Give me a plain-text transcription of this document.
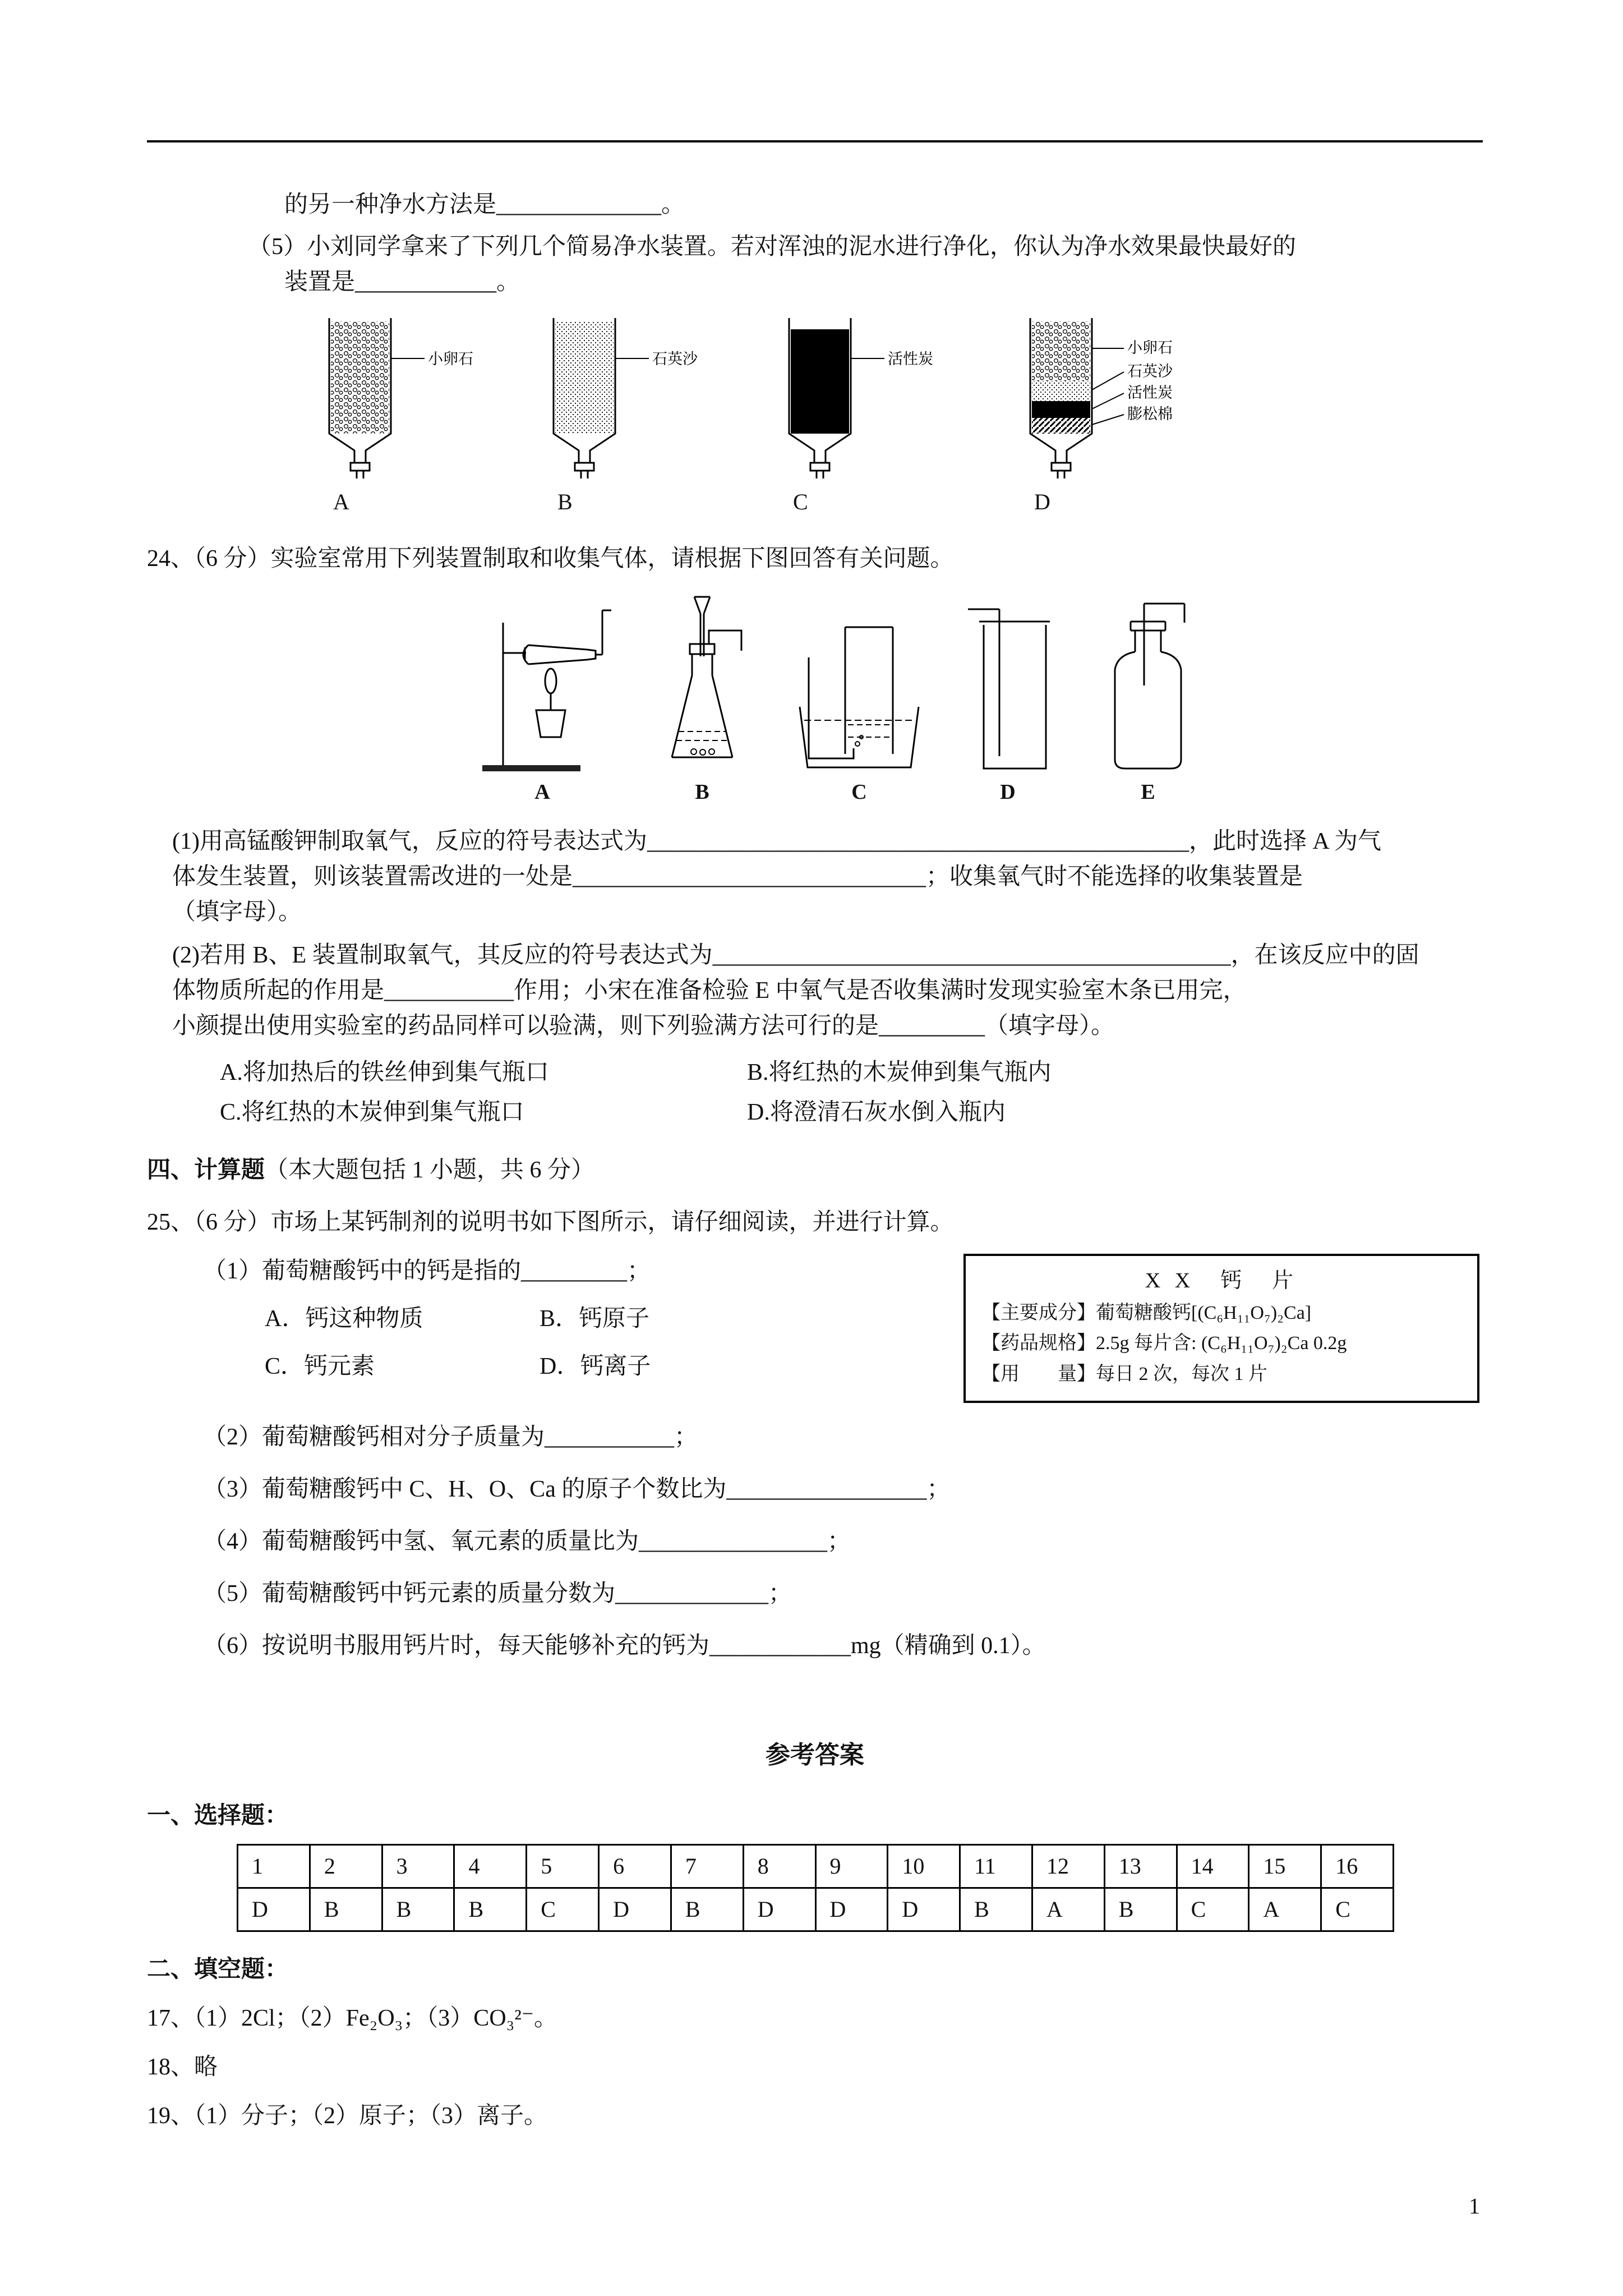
的另一种净水方法是______________。
（5）小刘同学拿来了下列几个简易净水装置。若对浑浊的泥水进行净化，你认为净水效果最快最好的
装置是____________。
小卵石
A
石英沙
B
活性炭
C
小卵石
石英沙
活性炭
膨松棉
D
24、（6 分）实验室常用下列装置制取和收集气体，请根据下图回答有关问题。
A	B	C	D	E
(1)用高锰酸钾制取氧气，反应的符号表达式为______________________________________________，此时选择 A 为气
体发生装置，则该装置需改进的一处是______________________________；收集氧气时不能选择的收集装置是
（填字母）。
(2)若用 B、E 装置制取氧气，其反应的符号表达式为____________________________________________，在该反应中的固
体物质所起的作用是___________作用；小宋在准备检验 E 中氧气是否收集满时发现实验室木条已用完，
小颜提出使用实验室的药品同样可以验满，则下列验满方法可行的是_________（填字母）。
A.将加热后的铁丝伸到集气瓶口	B.将红热的木炭伸到集气瓶内
C.将红热的木炭伸到集气瓶口	D.将澄清石灰水倒入瓶内
四、计算题（本大题包括 1 小题，共 6 分）
25、（6 分）市场上某钙制剂的说明书如下图所示，请仔细阅读，并进行计算。
（1）葡萄糖酸钙中的钙是指的_________；
A．钙这种物质	B．钙原子
C．钙元素	D．钙离子
X X　钙　片
【主要成分】葡萄糖酸钙[(C₆H₁₁O₇)₂Ca]
【药品规格】2.5g 每片含: (C₆H₁₁O₇)₂Ca 0.2g
【用　　量】每日 2 次，每次 1 片
（2）葡萄糖酸钙相对分子质量为___________；
（3）葡萄糖酸钙中 C、H、O、Ca 的原子个数比为_________________；
（4）葡萄糖酸钙中氢、氧元素的质量比为________________；
（5）葡萄糖酸钙中钙元素的质量分数为_____________；
（6）按说明书服用钙片时，每天能够补充的钙为____________mg（精确到 0.1）。
参考答案
一、选择题：
1	2	3	4	5	6	7	8	9	10	11	12	13	14	15	16
D	B	B	B	C	D	B	D	D	D	B	A	B	C	A	C
二、填空题：
17、（1）2Cl；（2）Fe₂O₃；（3）CO₃²⁻。
18、略
19、（1）分子；（2）原子；（3）离子。
1
